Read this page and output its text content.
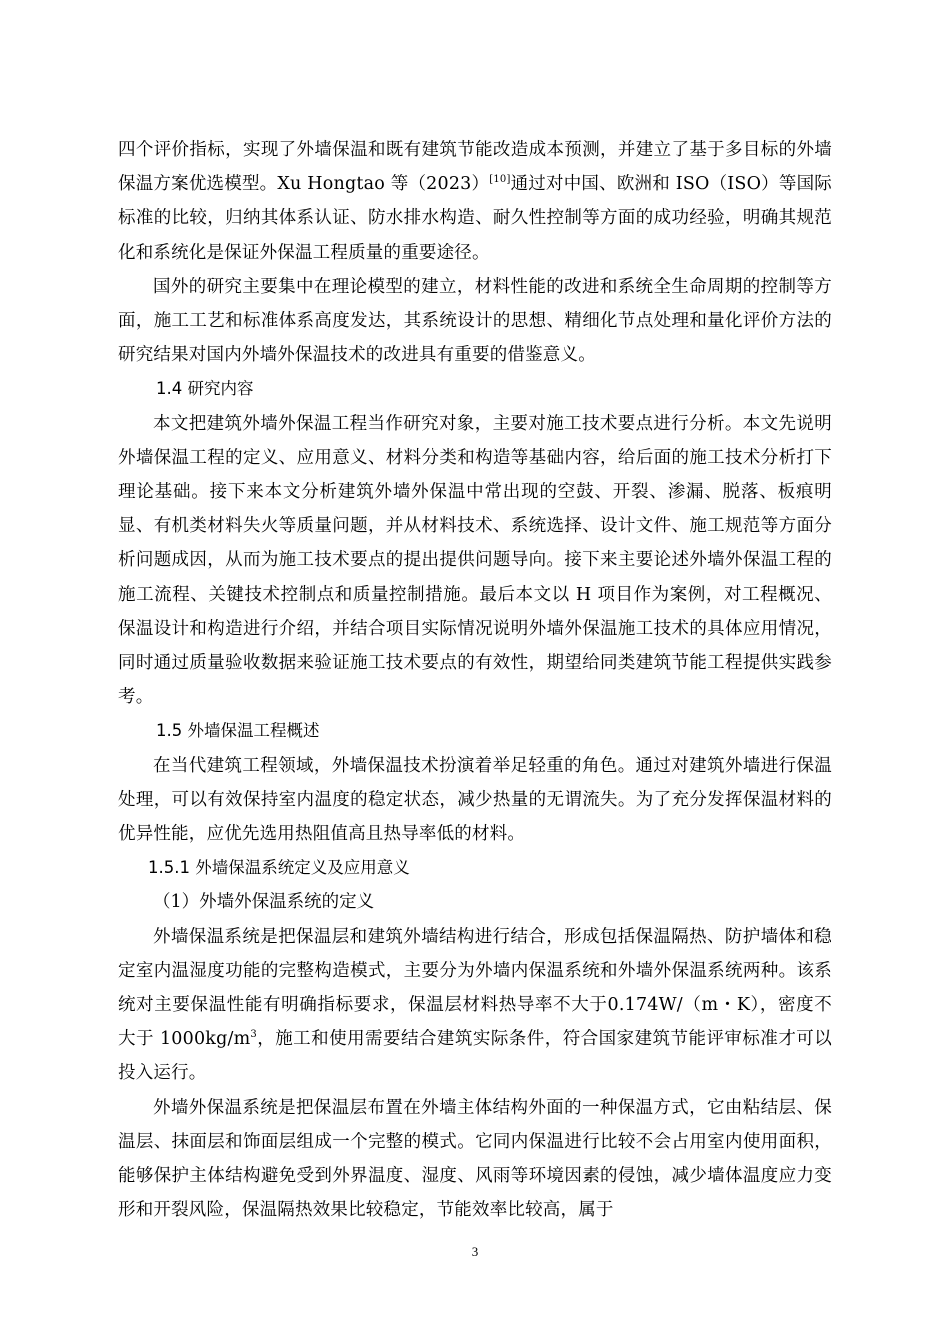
四个评价指标，实现了外墙保温和既有建筑节能改造成本预测，并建立了基于多目标的外墙保温方案优选模型。Xu Hongtao 等（2023）[10]通过对中国、欧洲和 ISO（ISO）等国际标准的比较，归纳其体系认证、防水排水构造、耐久性控制等方面的成功经验，明确其规范化和系统化是保证外保温工程质量的重要途径。

国外的研究主要集中在理论模型的建立，材料性能的改进和系统全生命周期的控制等方面，施工工艺和标准体系高度发达，其系统设计的思想、精细化节点处理和量化评价方法的研究结果对国内外墙外保温技术的改进具有重要的借鉴意义。

1.4 研究内容

本文把建筑外墙外保温工程当作研究对象，主要对施工技术要点进行分析。本文先说明外墙保温工程的定义、应用意义、材料分类和构造等基础内容，给后面的施工技术分析打下理论基础。接下来本文分析建筑外墙外保温中常出现的空鼓、开裂、渗漏、脱落、板痕明显、有机类材料失火等质量问题，并从材料技术、系统选择、设计文件、施工规范等方面分析问题成因，从而为施工技术要点的提出提供问题导向。接下来主要论述外墙外保温工程的施工流程、关键技术控制点和质量控制措施。最后本文以 H 项目作为案例，对工程概况、保温设计和构造进行介绍，并结合项目实际情况说明外墙外保温施工技术的具体应用情况，同时通过质量验收数据来验证施工技术要点的有效性，期望给同类建筑节能工程提供实践参考。

1.5 外墙保温工程概述

在当代建筑工程领域，外墙保温技术扮演着举足轻重的角色。通过对建筑外墙进行保温处理，可以有效保持室内温度的稳定状态，减少热量的无谓流失。为了充分发挥保温材料的优异性能，应优先选用热阻值高且热导率低的材料。

1.5.1 外墙保温系统定义及应用意义

（1）外墙外保温系统的定义

外墙保温系统是把保温层和建筑外墙结构进行结合，形成包括保温隔热、防护墙体和稳定室内温湿度功能的完整构造模式，主要分为外墙内保温系统和外墙外保温系统两种。该系统对主要保温性能有明确指标要求，保温层材料热导率不大于0.174W/（m・K），密度不大于 $1000kg/m^3$，施工和使用需要结合建筑实际条件，符合国家建筑节能评审标准才可以投入运行。

外墙外保温系统是把保温层布置在外墙主体结构外面的一种保温方式，它由粘结层、保温层、抹面层和饰面层组成一个完整的模式。它同内保温进行比较不会占用室内使用面积，能够保护主体结构避免受到外界温度、湿度、风雨等环境因素的侵蚀，减少墙体温度应力变形和开裂风险，保温隔热效果比较稳定，节能效率比较高，属于

3
